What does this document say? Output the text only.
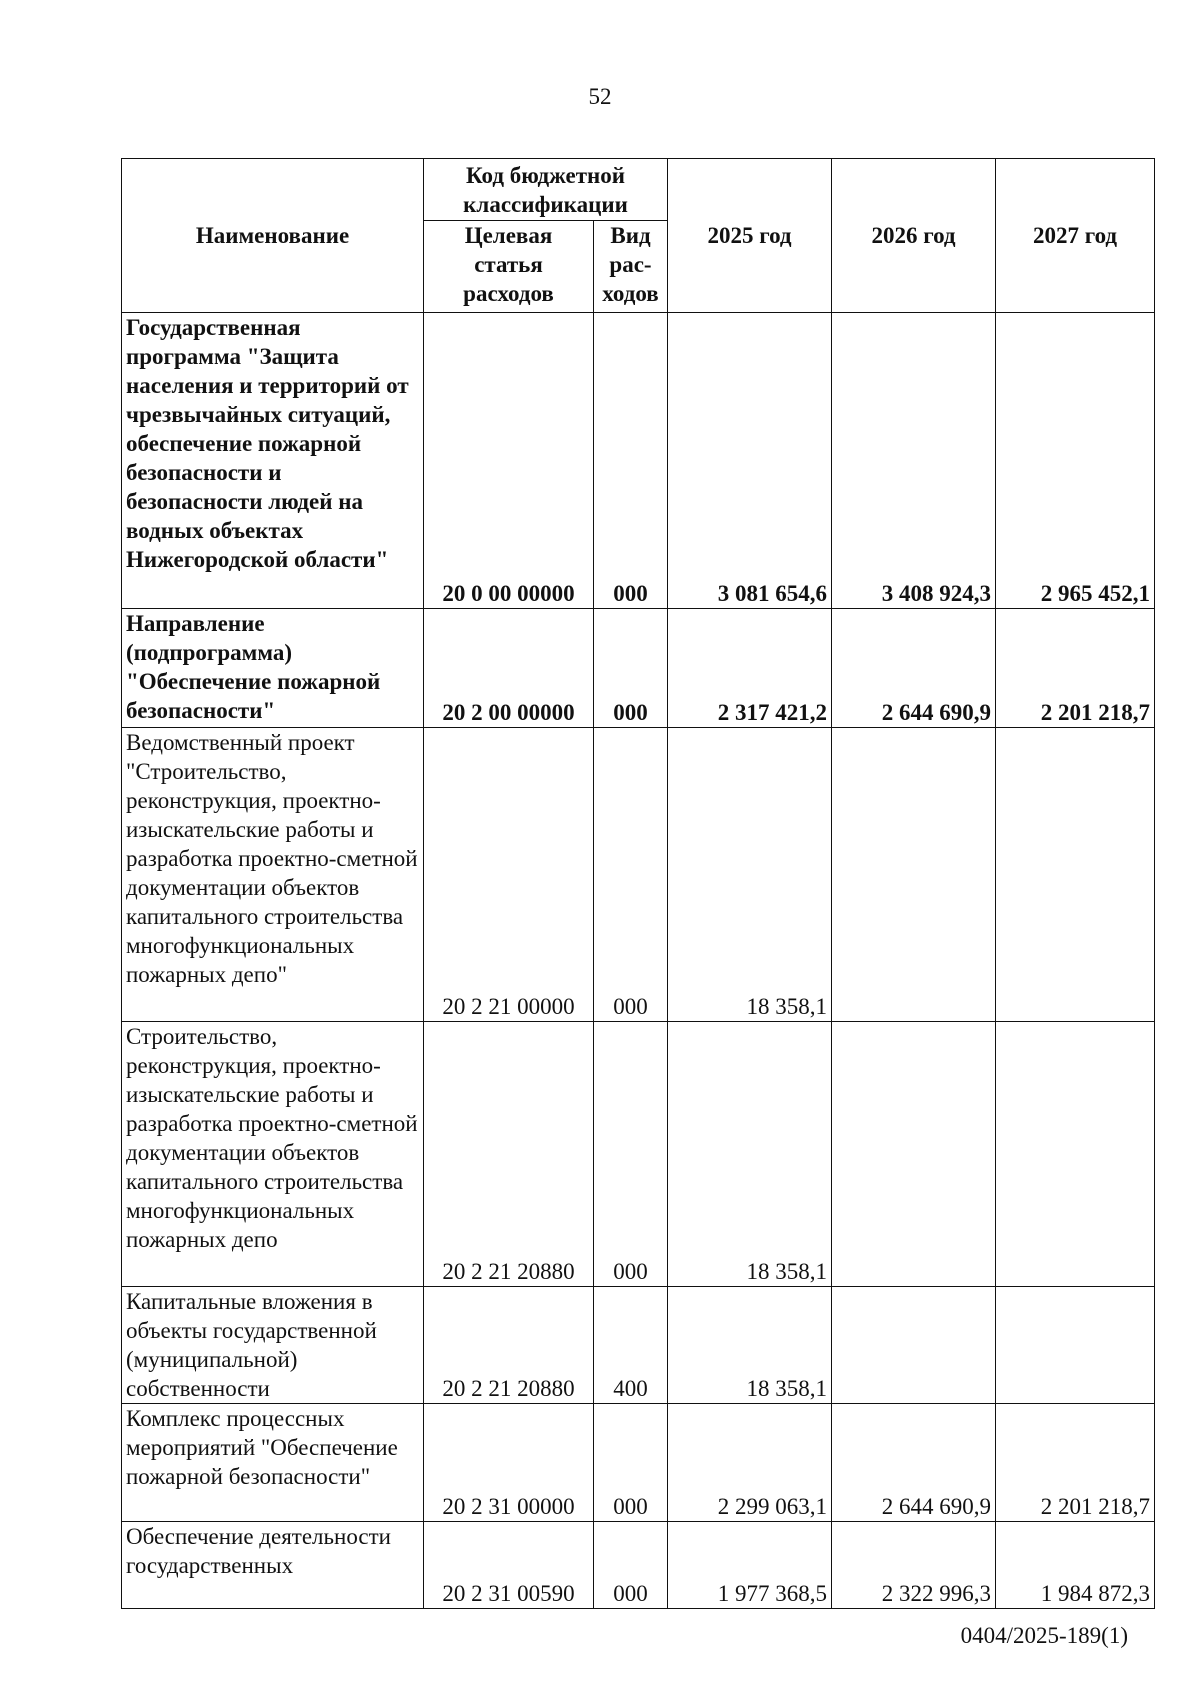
52
Наименование	Код бюджетной классификации		2025 год	2026 год	2027 год
	Целевая статья расходов	Вид рас-ходов			
Государственная программа "Защита населения и территорий от чрезвычайных ситуаций, обеспечение пожарной безопасности и безопасности людей на водных объектах Нижегородской области"	20 0 00 00000	000	3 081 654,6	3 408 924,3	2 965 452,1
Направление (подпрограмма) "Обеспечение пожарной безопасности"	20 2 00 00000	000	2 317 421,2	2 644 690,9	2 201 218,7
Ведомственный проект "Строительство, реконструкция, проектно-изыскательские работы и разработка проектно-сметной документации объектов капитального строительства многофункциональных пожарных депо"	20 2 21 00000	000	18 358,1		
Строительство, реконструкция, проектно-изыскательские работы и разработка проектно-сметной документации объектов капитального строительства многофункциональных пожарных депо	20 2 21 20880	000	18 358,1		
Капитальные вложения в объекты государственной (муниципальной) собственности	20 2 21 20880	400	18 358,1		
Комплекс процессных мероприятий "Обеспечение пожарной безопасности"	20 2 31 00000	000	2 299 063,1	2 644 690,9	2 201 218,7
Обеспечение деятельности государственных	20 2 31 00590	000	1 977 368,5	2 322 996,3	1 984 872,3
0404/2025-189(1)
